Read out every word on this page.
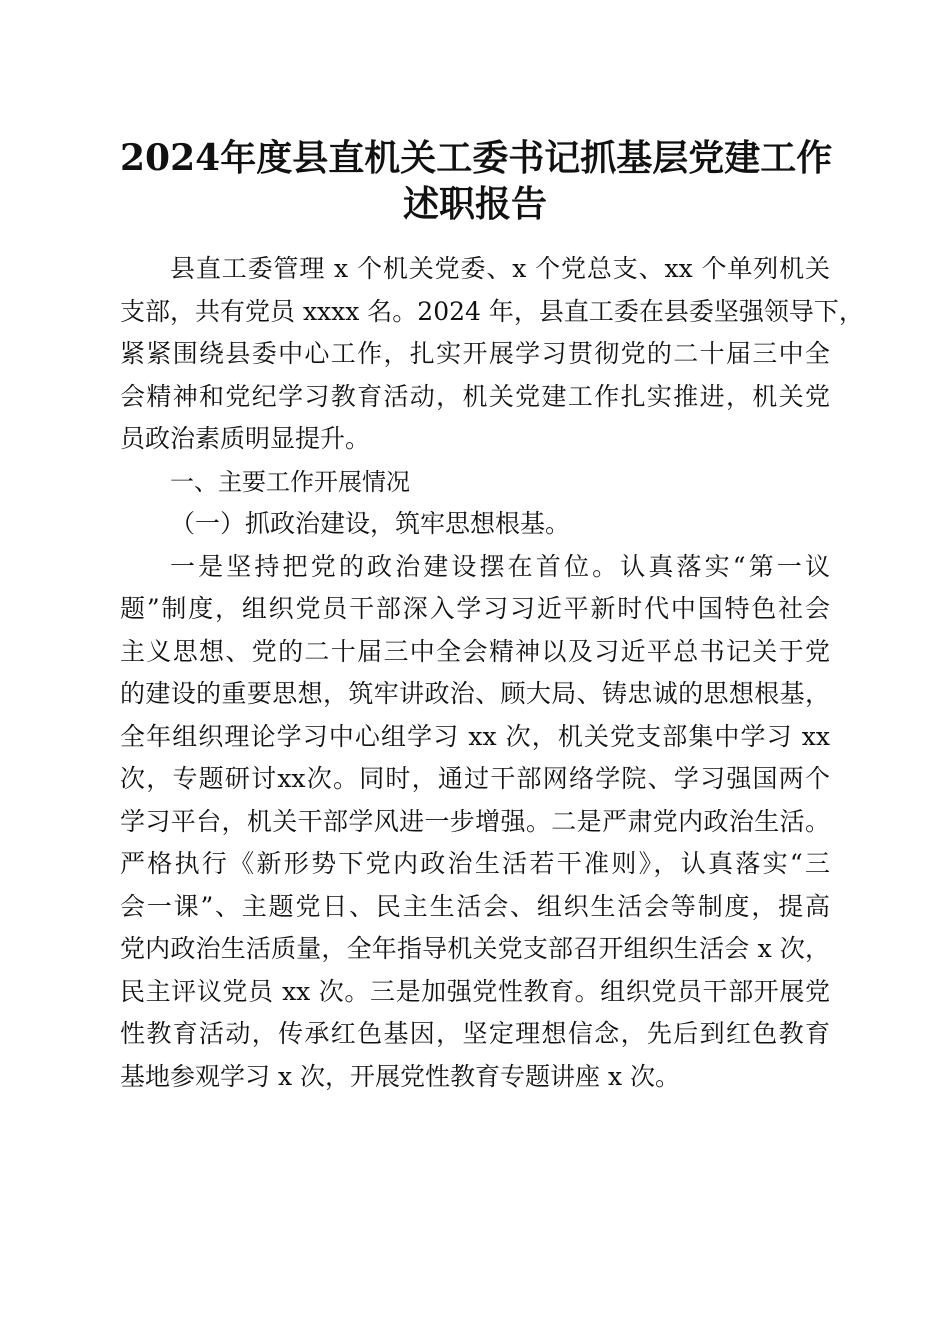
2024年度县直机关工委书记抓基层党建工作
述职报告
县直工委管理 x 个机关党委、x 个党总支、xx 个单列机关
支部，共有党员 xxxx 名。2024 年，县直工委在县委坚强领导下，
紧紧围绕县委中心工作，扎实开展学习贯彻党的二十届三中全
会精神和党纪学习教育活动，机关党建工作扎实推进，机关党
员政治素质明显提升。
一、主要工作开展情况
（一）抓政治建设，筑牢思想根基。
一是坚持把党的政治建设摆在首位。认真落实“第一议
题”制度，组织党员干部深入学习习近平新时代中国特色社会
主义思想、党的二十届三中全会精神以及习近平总书记关于党
的建设的重要思想，筑牢讲政治、顾大局、铸忠诚的思想根基，
全年组织理论学习中心组学习 xx 次，机关党支部集中学习 xx
次，专题研讨xx次。同时，通过干部网络学院、学习强国两个
学习平台，机关干部学风进一步增强。二是严肃党内政治生活。
严格执行《新形势下党内政治生活若干准则》，认真落实“三
会一课”、主题党日、民主生活会、组织生活会等制度，提高
党内政治生活质量，全年指导机关党支部召开组织生活会 x 次，
民主评议党员 xx 次。三是加强党性教育。组织党员干部开展党
性教育活动，传承红色基因，坚定理想信念，先后到红色教育
基地参观学习 x 次，开展党性教育专题讲座 x 次。
